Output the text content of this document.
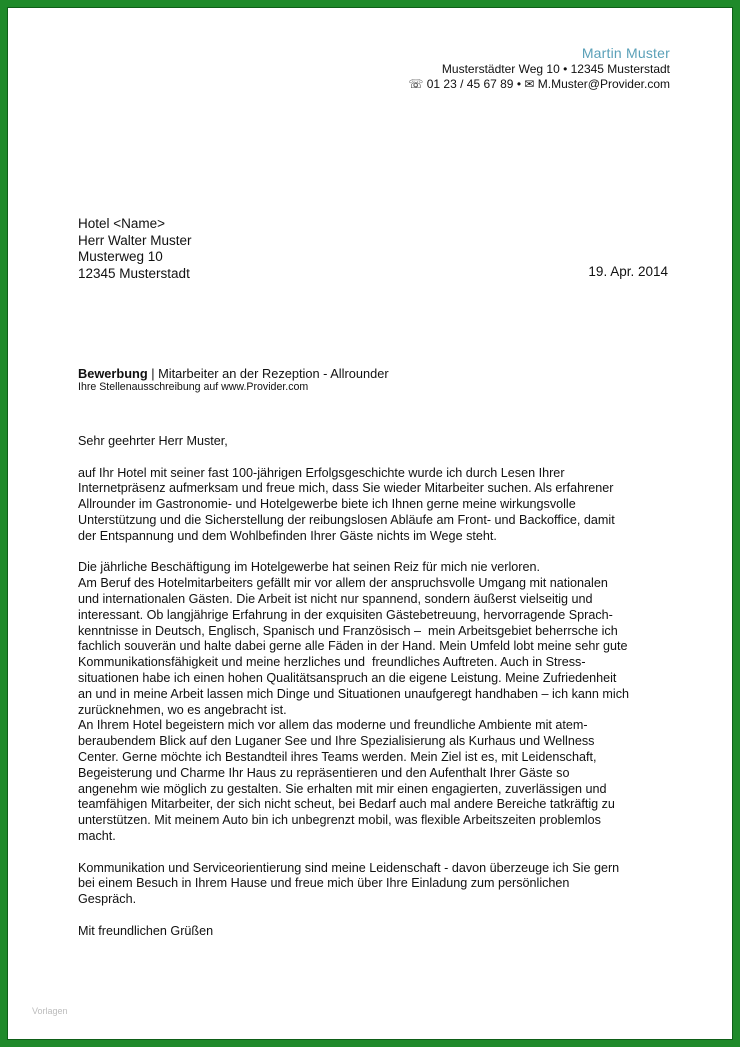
Martin Muster
Musterstädter Weg 10 • 12345 Musterstadt
☏ 01 23 / 45 67 89 • ✉ M.Muster@Provider.com
Hotel <Name>
Herr Walter Muster
Musterweg 10
12345 Musterstadt	19. Apr. 2014
Bewerbung | Mitarbeiter an der Rezeption - Allrounder
Ihre Stellenausschreibung auf www.Provider.com

Sehr geehrter Herr Muster,

auf Ihr Hotel mit seiner fast 100-jährigen Erfolgsgeschichte wurde ich durch Lesen Ihrer
Internetpräsenz aufmerksam und freue mich, dass Sie wieder Mitarbeiter suchen. Als erfahrener
Allrounder im Gastronomie- und Hotelgewerbe biete ich Ihnen gerne meine wirkungsvolle
Unterstützung und die Sicherstellung der reibungslosen Abläufe am Front- und Backoffice, damit
der Entspannung und dem Wohlbefinden Ihrer Gäste nichts im Wege steht.

Die jährliche Beschäftigung im Hotelgewerbe hat seinen Reiz für mich nie verloren.
Am Beruf des Hotelmitarbeiters gefällt mir vor allem der anspruchsvolle Umgang mit nationalen
und internationalen Gästen. Die Arbeit ist nicht nur spannend, sondern äußerst vielseitig und
interessant. Ob langjährige Erfahrung in der exquisiten Gästebetreuung, hervorragende Sprach-
kenntnisse in Deutsch, Englisch, Spanisch und Französisch –  mein Arbeitsgebiet beherrsche ich
fachlich souverän und halte dabei gerne alle Fäden in der Hand. Mein Umfeld lobt meine sehr gute
Kommunikationsfähigkeit und meine herzliches und  freundliches Auftreten. Auch in Stress-
situationen habe ich einen hohen Qualitätsanspruch an die eigene Leistung. Meine Zufriedenheit
an und in meine Arbeit lassen mich Dinge und Situationen unaufgeregt handhaben – ich kann mich
zurücknehmen, wo es angebracht ist.
An Ihrem Hotel begeistern mich vor allem das moderne und freundliche Ambiente mit atem-
beraubendem Blick auf den Luganer See und Ihre Spezialisierung als Kurhaus und Wellness
Center. Gerne möchte ich Bestandteil ihres Teams werden. Mein Ziel ist es, mit Leidenschaft,
Begeisterung und Charme Ihr Haus zu repräsentieren und den Aufenthalt Ihrer Gäste so
angenehm wie möglich zu gestalten. Sie erhalten mit mir einen engagierten, zuverlässigen und
teamfähigen Mitarbeiter, der sich nicht scheut, bei Bedarf auch mal andere Bereiche tatkräftig zu
unterstützen. Mit meinem Auto bin ich unbegrenzt mobil, was flexible Arbeitszeiten problemlos
macht.

Kommunikation und Serviceorientierung sind meine Leidenschaft - davon überzeuge ich Sie gern
bei einem Besuch in Ihrem Hause und freue mich über Ihre Einladung zum persönlichen
Gespräch.

Mit freundlichen Grüßen

Vorlagen
